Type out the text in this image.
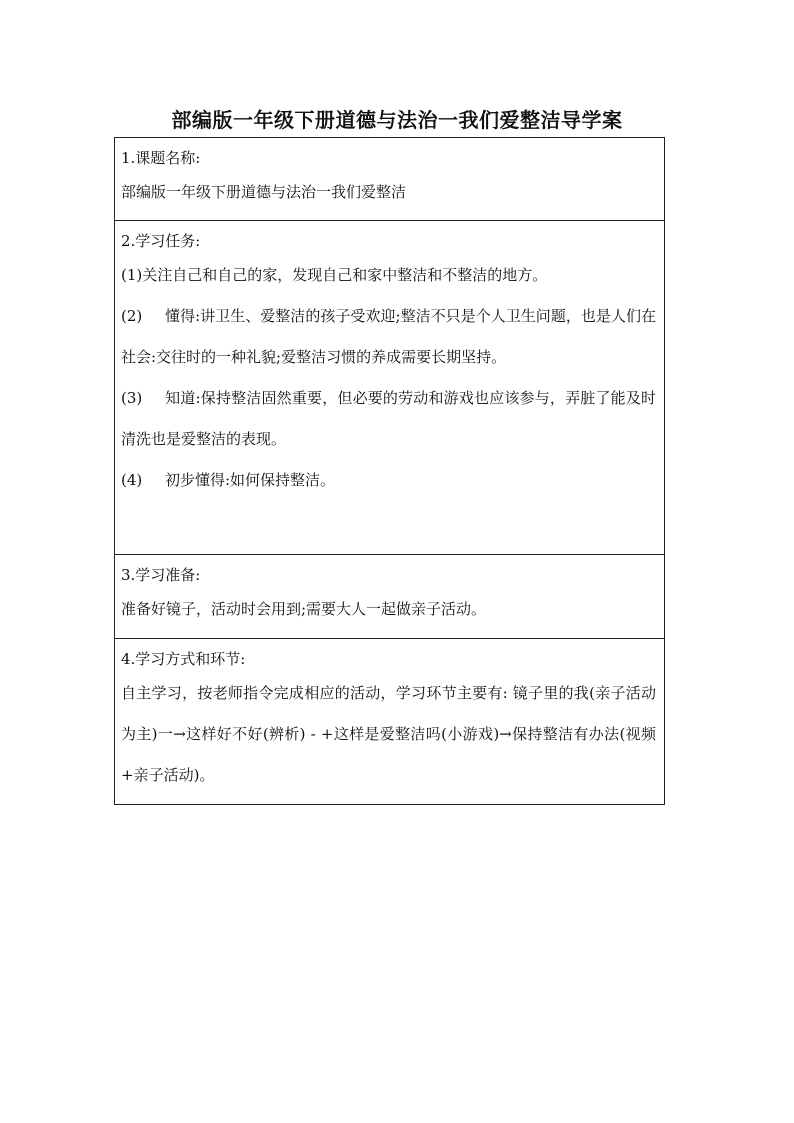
部编版一年级下册道德与法治一我们爱整洁导学案
1.课题名称:

部编版一年级下册道德与法治一我们爱整洁

2.学习任务:

(1)关注自己和自己的家，发现自己和家中整洁和不整洁的地方。

(2) 懂得:讲卫生、爱整洁的孩子受欢迎;整洁不只是个人卫生问题，也是人们在社会:交往时的一种礼貌;爱整洁习惯的养成需要长期坚持。

(3) 知道:保持整洁固然重要，但必要的劳动和游戏也应该参与，弄脏了能及时清洗也是爱整洁的表现。

(4) 初步懂得:如何保持整洁。

3.学习准备:

准备好镜子，活动时会用到;需要大人一起做亲子活动。

4.学习方式和环节:

自主学习，按老师指令完成相应的活动，学习环节主要有: 镜子里的我(亲子活动为主)一→这样好不好(辨析) - +这样是爱整洁吗(小游戏)→保持整洁有办法(视频+亲子活动)。
